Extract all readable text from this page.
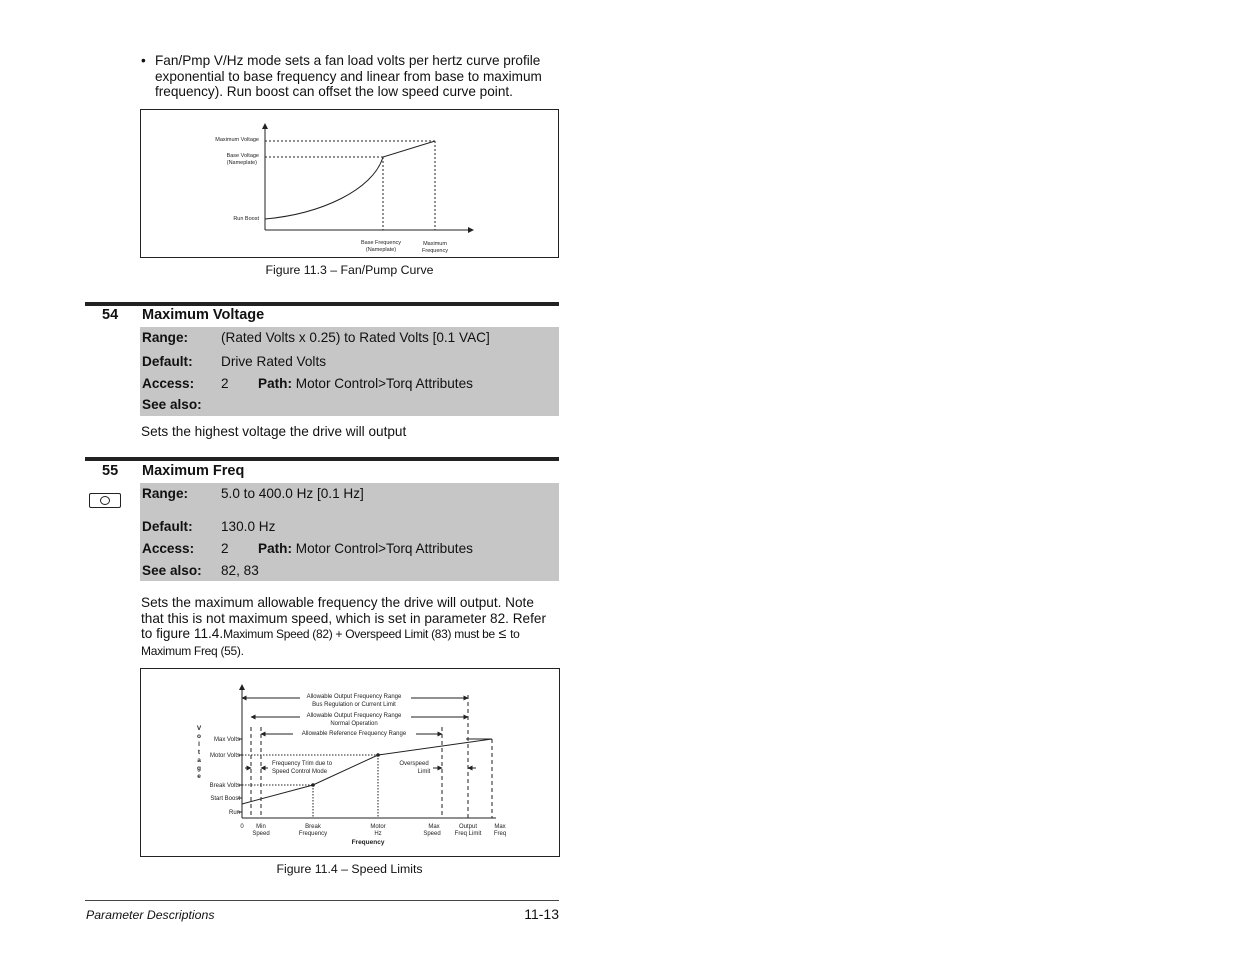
• Fan/Pmp V/Hz mode sets a fan load volts per hertz curve profile exponential to base frequency and linear from base to maximum frequency). Run boost can offset the low speed curve point.
Maximum Voltage
Base Voltage
(Nameplate)
Run Boost
Base Frequency
(Nameplate)
Maximum
Frequency
Figure 11.3 – Fan/Pump Curve
54 Maximum Voltage
Range: (Rated Volts x 0.25) to Rated Volts [0.1 VAC]
Default: Drive Rated Volts
Access: 2 Path: Motor Control>Torq Attributes
See also:
Sets the highest voltage the drive will output
55 Maximum Freq
Range: 5.0 to 400.0 Hz [0.1 Hz]
Default: 130.0 Hz
Access: 2 Path: Motor Control>Torq Attributes
See also: 82, 83
Sets the maximum allowable frequency the drive will output. Note that this is not maximum speed, which is set in parameter 82. Refer to figure 11.4.Maximum Speed (82) + Overspeed Limit (83) must be ≤ to Maximum Freq (55).
V
o
l
t
a
g
e
Max Volts
Motor Volts
Break Volts
Start Boost
Run
Allowable Output Frequency Range
Bus Regulation or Current Limit
Allowable Output Frequency Range
Normal Operation
Allowable Reference Frequency Range
Frequency Trim due to
Speed Control Mode
Overspeed
Limit
0 Min
Speed
Break
Frequency
Motor
Hz
Max
Speed
Output
Freq Limit
Max
Freq
Frequency
Figure 11.4 – Speed Limits
Parameter Descriptions	11-13
